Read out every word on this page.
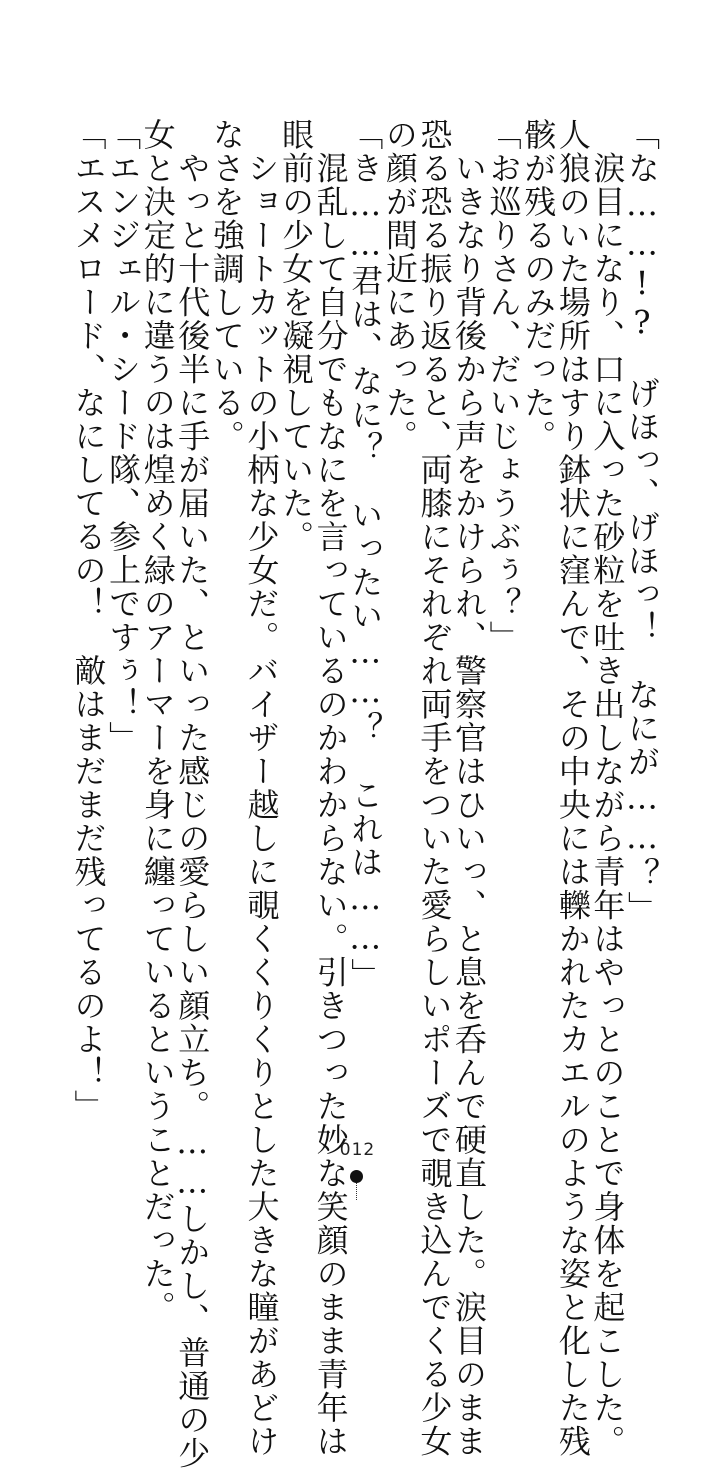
「な……!?　げほっ、げほっ！　なにが……？」
　涙目になり、口に入った砂粒を吐き出しながら青年はやっとのことで身体を起こした。
人狼のいた場所はすり鉢状に窪んで、その中央には轢かれたカエルのような姿と化した残
骸が残るのみだった。
「お巡りさん、だいじょうぶぅ？」
　いきなり背後から声をかけられ、警察官はひいっ、と息を呑んで硬直した。涙目のまま
恐る恐る振り返ると、両膝にそれぞれ両手をついた愛らしいポーズで覗き込んでくる少女
の顔が間近にあった。
「き……君は、なに？　いったい……？　これは……」
　混乱して自分でもなにを言っているのかわからない。引きつった妙な笑顔のまま青年は
眼前の少女を凝視していた。
　ショートカットの小柄な少女だ。バイザー越しに覗くくりくりとした大きな瞳があどけ
なさを強調している。
　やっと十代後半に手が届いた、といった感じの愛らしい顔立ち。……しかし、普通の少
女と決定的に違うのは煌めく緑のアーマーを身に纏っているということだった。
「エンジェル・シード隊、参上ですぅ！」
「エスメロード、なにしてるの！　敵はまだまだ残ってるのよ！」
012
